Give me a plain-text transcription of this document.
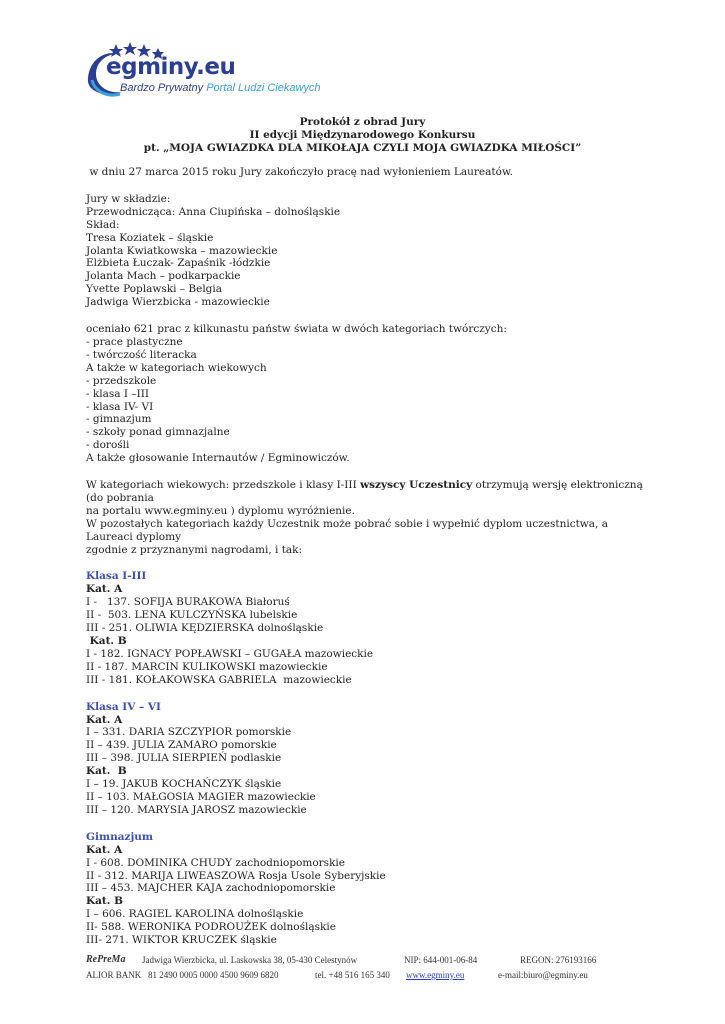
egminy.eu
Bardzo Prywatny Portal Ludzi Ciekawych
Protokół z obrad Jury
II edycji Międzynarodowego Konkursu
pt. „MOJA GWIAZDKA DLA MIKOŁAJA CZYLI MOJA GWIAZDKA MIŁOŚCI”

w dniu 27 marca 2015 roku Jury zakończyło pracę nad wyłonieniem Laureatów.

Jury w składzie:

Przewodnicząca: Anna Ciupińska – dolnośląskie

Skład:

Tresa Koziatek – śląskie

Jolanta Kwiatkowska – mazowieckie

Elżbieta Łuczak- Zapaśnik -łódzkie

Jolanta Mach – podkarpackie

Yvette Poplawski – Belgia

Jadwiga Wierzbicka - mazowieckie

oceniało 621 prac z kilkunastu państw świata w dwóch kategoriach twórczych:

- prace plastyczne

- twórczość literacka

A także w kategoriach wiekowych

- przedszkole

- klasa I –III

- klasa IV- VI

- gimnazjum

- szkoły ponad gimnazjalne

- dorośli

A także głosowanie Internautów / Egminowiczów.

W kategoriach wiekowych: przedszkole i klasy I-III wszyscy Uczestnicy otrzymują wersję elektroniczną (do pobrania

na portalu www.egminy.eu ) dyplomu wyróżnienie.

W pozostałych kategoriach każdy Uczestnik może pobrać sobie i wypełnić dyplom uczestnictwa, a Laureaci dyplomy

zgodnie z przyznanymi nagrodami, i tak:

Klasa I-III

Kat. A

I -   137. SOFIJA BURAKOWA Białoruś

II -  503. LENA KULCZYŃSKA lubelskie

III - 251. OLIWIA KĘDZIERSKA dolnośląskie

Kat. B

I - 182. IGNACY POPŁAWSKI – GUGAŁA mazowieckie

II - 187. MARCIN KULIKOWSKI mazowieckie

III - 181. KOŁAKOWSKA GABRIELA  mazowieckie

Klasa IV – VI

Kat. A

I – 331. DARIA SZCZYPIOR pomorskie

II – 439. JULIA ZAMARO pomorskie

III – 398. JULIA SIERPIEŃ podlaskie

Kat.  B

I – 19. JAKUB KOCHAŃCZYK śląskie

II – 103. MAŁGOSIA MAGIER mazowieckie

III – 120. MARYSIA JAROSZ mazowieckie

Gimnazjum

Kat. A

I - 608. DOMINIKA CHUDY zachodniopomorskie

II - 312. MARIJA LIWEASZOWA Rosja Usole Syberyjskie

III – 453. MAJCHER KAJA zachodniopomorskie

Kat. B

I – 606. RAGIEL KAROLINA dolnośląskie

II- 588. WERONIKA PODROUŻEK dolnośląskie

III- 271. WIKTOR KRUCZEK śląskie

RePreMa Jadwiga Wierzbicka, ul. Laskowska 38, 05-430 Celestynów	NIP: 644-001-06-84	REGON: 276193166
ALIOR BANK   81 2490 0005 0000 4500 9609 6820	tel. +48 516 165 340 www.egminy.eu	e-mail:biuro@egminy.eu
